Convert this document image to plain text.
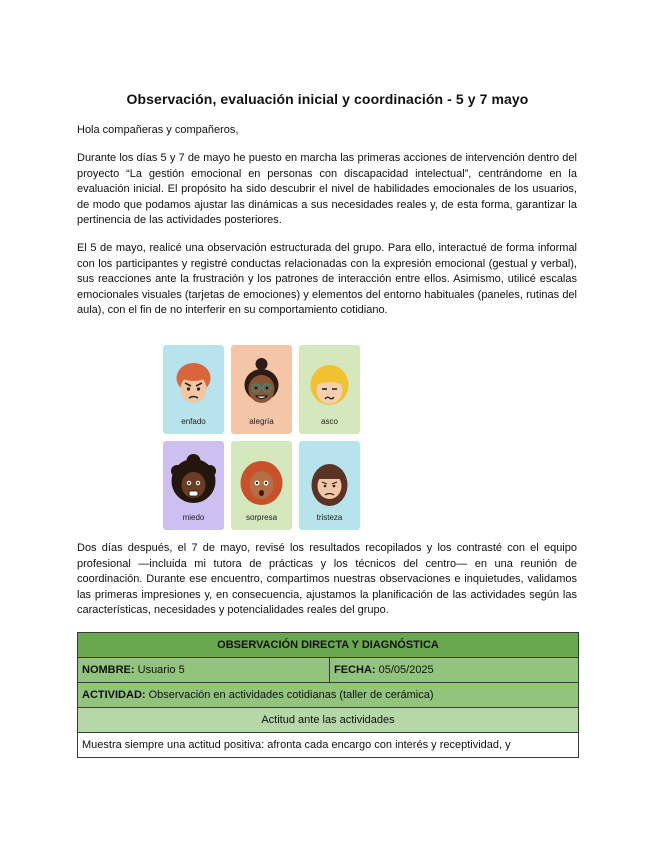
Observación, evaluación inicial y coordinación - 5 y 7 mayo

Hola compañeras y compañeros,

Durante los días 5 y 7 de mayo he puesto en marcha las primeras acciones de intervención dentro del proyecto “La gestión emocional en personas con discapacidad intelectual”, centrándome en la evaluación inicial. El propósito ha sido descubrir el nivel de habilidades emocionales de los usuarios, de modo que podamos ajustar las dinámicas a sus necesidades reales y, de esta forma, garantizar la pertinencia de las actividades posteriores.

El 5 de mayo, realicé una observación estructurada del grupo. Para ello, interactué de forma informal con los participantes y registré conductas relacionadas con la expresión emocional (gestual y verbal), sus reacciones ante la frustración y los patrones de interacción entre ellos. Asimismo, utilicé escalas emocionales visuales (tarjetas de emociones) y elementos del entorno habituales (paneles, rutinas del aula), con el fin de no interferir en su comportamiento cotidiano.

enfado	alegría	asco
miedo	sorpresa	tristeza

Dos días después, el 7 de mayo, revisé los resultados recopilados y los contrasté con el equipo profesional —incluida mi tutora de prácticas y los técnicos del centro— en una reunión de coordinación. Durante ese encuentro, compartimos nuestras observaciones e inquietudes, validamos las primeras impresiones y, en consecuencia, ajustamos la planificación de las actividades según las características, necesidades y potencialidades reales del grupo.

OBSERVACIÓN DIRECTA Y DIAGNÓSTICA
NOMBRE: Usuario 5	FECHA: 05/05/2025
ACTIVIDAD: Observación en actividades cotidianas (taller de cerámica)
Actitud ante las actividades
Muestra siempre una actitud positiva: afronta cada encargo con interés y receptividad, y
